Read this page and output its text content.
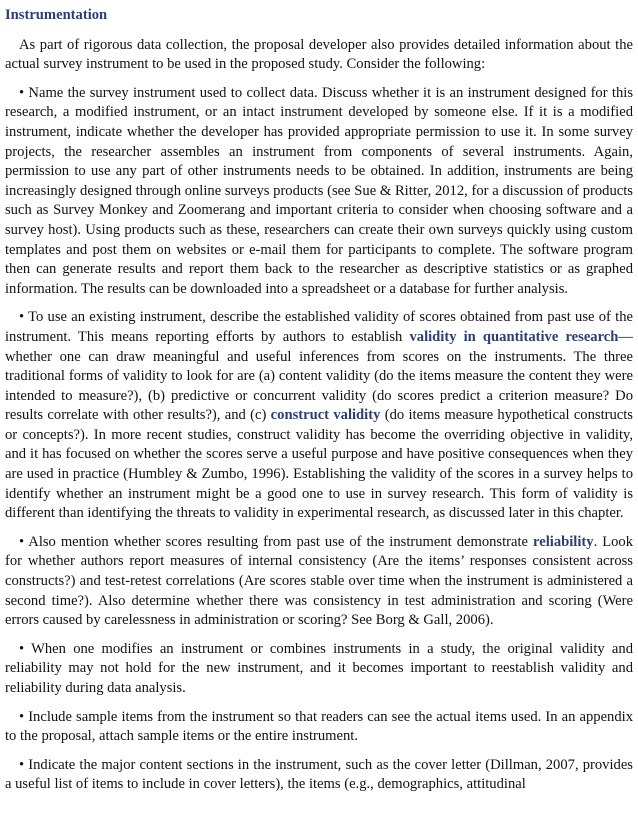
Instrumentation

As part of rigorous data collection, the proposal developer also provides detailed information about the actual survey instrument to be used in the proposed study. Consider the following:

• Name the survey instrument used to collect data. Discuss whether it is an instrument designed for this research, a modified instrument, or an intact instrument developed by someone else. If it is a modified instrument, indicate whether the developer has provided appropriate permission to use it. In some survey projects, the researcher assembles an instrument from components of several instruments. Again, permission to use any part of other instruments needs to be obtained. In addition, instruments are being increasingly designed through online surveys products (see Sue & Ritter, 2012, for a discussion of products such as Survey Monkey and Zoomerang and important criteria to consider when choosing software and a survey host). Using products such as these, researchers can create their own surveys quickly using custom templates and post them on websites or e-mail them for participants to complete. The software program then can generate results and report them back to the researcher as descriptive statistics or as graphed information. The results can be downloaded into a spreadsheet or a database for further analysis.

• To use an existing instrument, describe the established validity of scores obtained from past use of the instrument. This means reporting efforts by authors to establish validity in quantitative research—whether one can draw meaningful and useful inferences from scores on the instruments. The three traditional forms of validity to look for are (a) content validity (do the items measure the content they were intended to measure?), (b) predictive or concurrent validity (do scores predict a criterion measure? Do results correlate with other results?), and (c) construct validity (do items measure hypothetical constructs or concepts?). In more recent studies, construct validity has become the overriding objective in validity, and it has focused on whether the scores serve a useful purpose and have positive consequences when they are used in practice (Humbley & Zumbo, 1996). Establishing the validity of the scores in a survey helps to identify whether an instrument might be a good one to use in survey research. This form of validity is different than identifying the threats to validity in experimental research, as discussed later in this chapter.

• Also mention whether scores resulting from past use of the instrument demonstrate reliability. Look for whether authors report measures of internal consistency (Are the items’ responses consistent across constructs?) and test-retest correlations (Are scores stable over time when the instrument is administered a second time?). Also determine whether there was consistency in test administration and scoring (Were errors caused by carelessness in administration or scoring? See Borg & Gall, 2006).

• When one modifies an instrument or combines instruments in a study, the original validity and reliability may not hold for the new instrument, and it becomes important to reestablish validity and reliability during data analysis.

• Include sample items from the instrument so that readers can see the actual items used. In an appendix to the proposal, attach sample items or the entire instrument.

• Indicate the major content sections in the instrument, such as the cover letter (Dillman, 2007, provides a useful list of items to include in cover letters), the items (e.g., demographics, attitudinal
